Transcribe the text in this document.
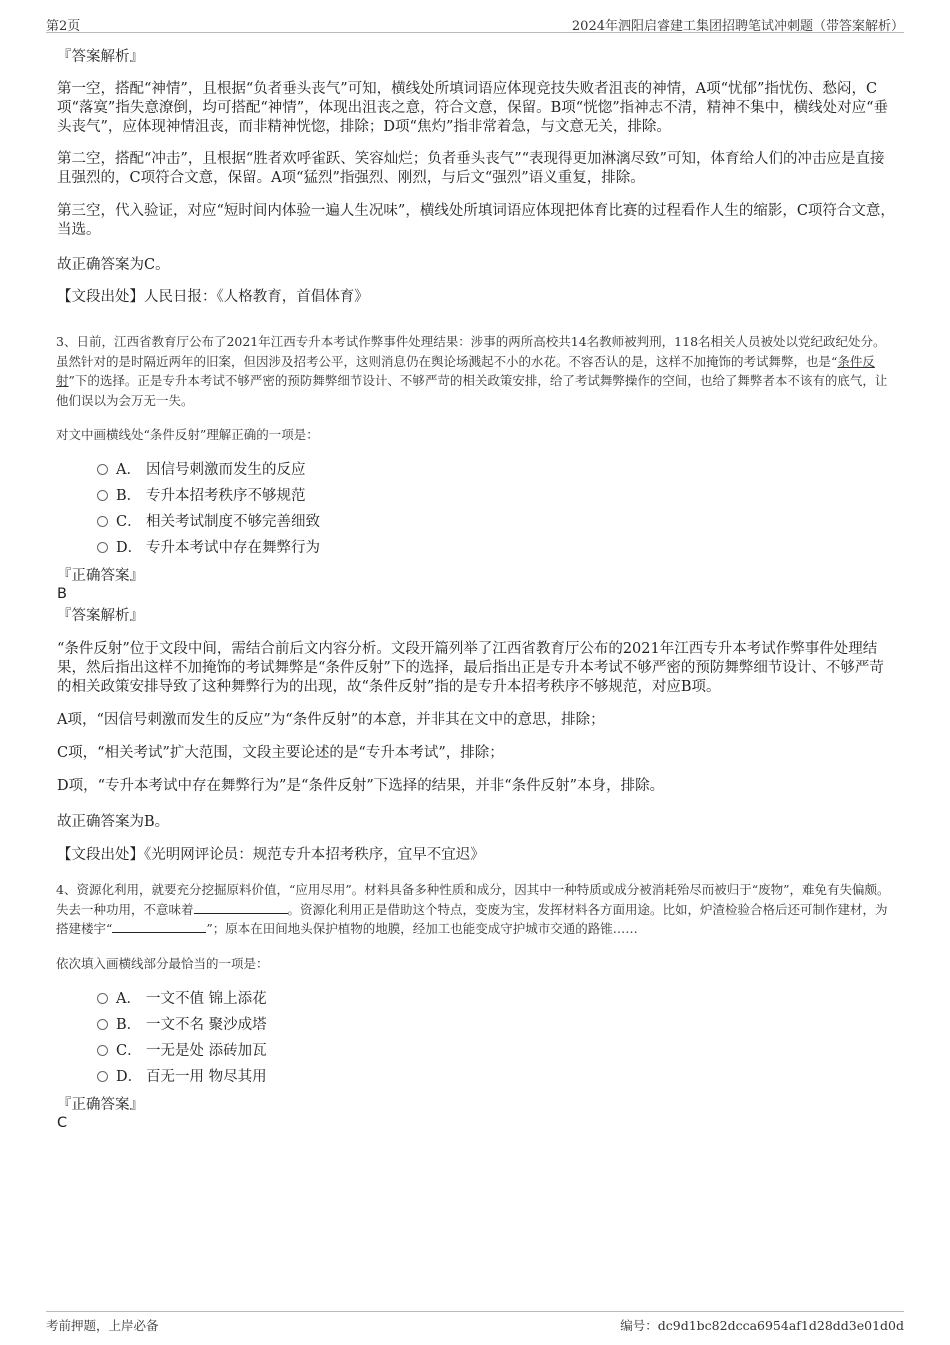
第2页	2024年泗阳启睿建工集团招聘笔试冲刺题（带答案解析）

『答案解析』

第一空，搭配“神情”，且根据“负者垂头丧气”可知，横线处所填词语应体现竞技失败者沮丧的神情，A项“忧郁”指忧伤、愁闷，C项“落寞”指失意潦倒，均可搭配“神情”，体现出沮丧之意，符合文意，保留。B项“恍惚”指神志不清，精神不集中，横线处对应“垂头丧气”，应体现神情沮丧，而非精神恍惚，排除；D项“焦灼”指非常着急，与文意无关，排除。

第二空，搭配“冲击”，且根据“胜者欢呼雀跃、笑容灿烂；负者垂头丧气”“表现得更加淋漓尽致”可知，体育给人们的冲击应是直接且强烈的，C项符合文意，保留。A项“猛烈”指强烈、刚烈，与后文“强烈”语义重复，排除。

第三空，代入验证，对应“短时间内体验一遍人生况味”，横线处所填词语应体现把体育比赛的过程看作人生的缩影，C项符合文意，当选。

故正确答案为C。

【文段出处】人民日报：《人格教育，首倡体育》

3、日前，江西省教育厅公布了2021年江西专升本考试作弊事件处理结果：涉事的两所高校共14名教师被判刑，118名相关人员被处以党纪政纪处分。虽然针对的是时隔近两年的旧案，但因涉及招考公平，这则消息仍在舆论场溅起不小的水花。不容否认的是，这样不加掩饰的考试舞弊，也是“条件反射”下的选择。正是专升本考试不够严密的预防舞弊细节设计、不够严苛的相关政策安排，给了考试舞弊操作的空间，也给了舞弊者本不该有的底气，让他们误以为会万无一失。

对文中画横线处“条件反射”理解正确的一项是：

A． 因信号刺激而发生的反应
B． 专升本招考秩序不够规范
C． 相关考试制度不够完善细致
D． 专升本考试中存在舞弊行为

『正确答案』

B

『答案解析』

“条件反射”位于文段中间，需结合前后文内容分析。文段开篇列举了江西省教育厅公布的2021年江西专升本考试作弊事件处理结果，然后指出这样不加掩饰的考试舞弊是“条件反射”下的选择，最后指出正是专升本考试不够严密的预防舞弊细节设计、不够严苛的相关政策安排导致了这种舞弊行为的出现，故“条件反射”指的是专升本招考秩序不够规范，对应B项。

A项，“因信号刺激而发生的反应”为“条件反射”的本意，并非其在文中的意思，排除；

C项，“相关考试”扩大范围，文段主要论述的是“专升本考试”，排除；

D项，“专升本考试中存在舞弊行为”是“条件反射”下选择的结果，并非“条件反射”本身，排除。

故正确答案为B。

【文段出处】《光明网评论员：规范专升本招考秩序，宜早不宜迟》

4、资源化利用，就要充分挖掘原料价值，“应用尽用”。材料具备多种性质和成分，因其中一种特质或成分被消耗殆尽而被归于“废物”，难免有失偏颇。失去一种功用，不意味着	。资源化利用正是借助这个特点，变废为宝，发挥材料各方面用途。比如，炉渣检验合格后还可制作建材，为搭建楼宇“	”；原本在田间地头保护植物的地膜，经加工也能变成守护城市交通的路锥……

依次填入画横线部分最恰当的一项是：

A． 一文不值 锦上添花
B． 一文不名 聚沙成塔
C． 一无是处 添砖加瓦
D． 百无一用 物尽其用

『正确答案』

C

考前押题，上岸必备	编号：dc9d1bc82dcca6954af1d28dd3e01d0d
